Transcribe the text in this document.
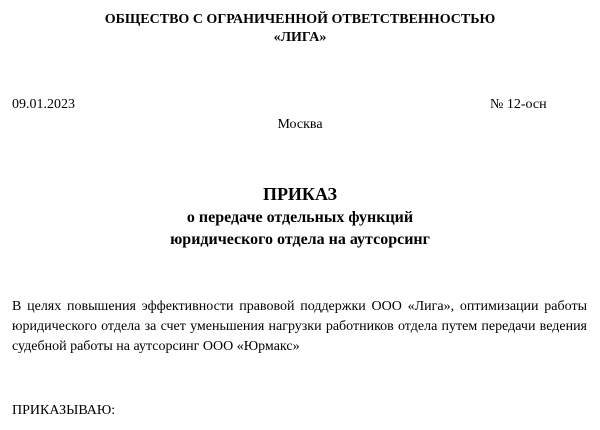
ОБЩЕСТВО С ОГРАНИЧЕННОЙ ОТВЕТСТВЕННОСТЬЮ

«ЛИГА»

09.01.2023	№ 12-осн
Москва

ПРИКАЗ

о передаче отдельных функций

юридического отдела на аутсорсинг

В целях повышения эффективности правовой поддержки ООО «Лига», оптимизации работы юридического отдела за счет уменьшения нагрузки работников отдела путем передачи ведения судебной работы на аутсорсинг ООО «Юрмакс»

ПРИКАЗЫВАЮ:
